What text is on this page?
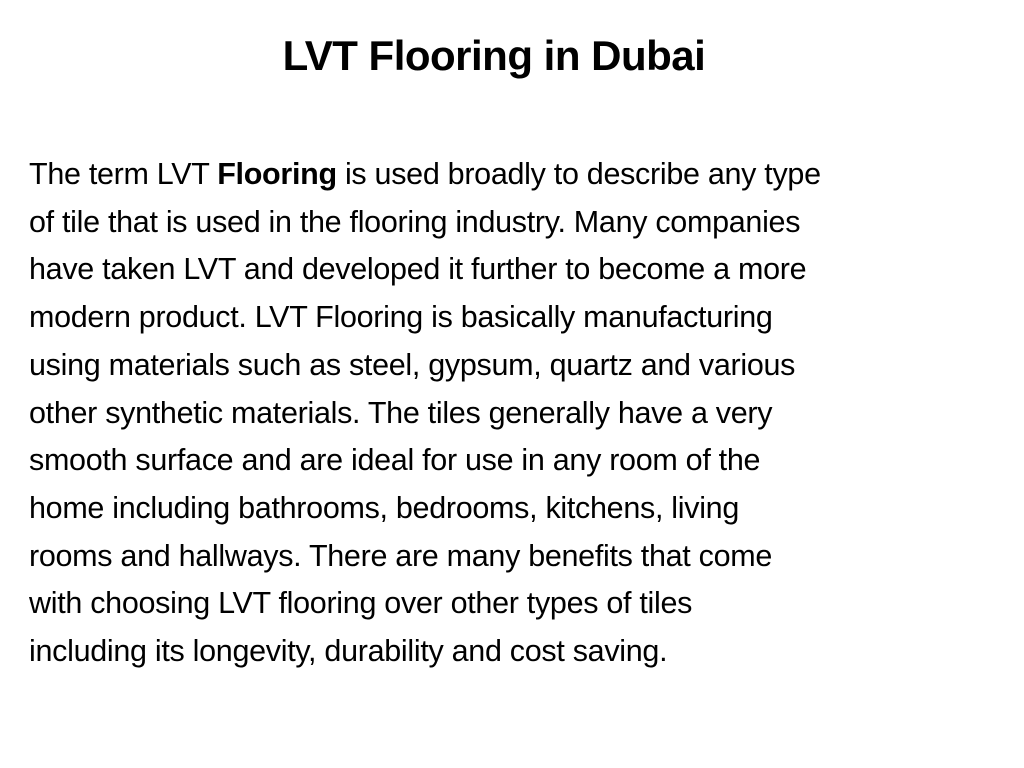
LVT Flooring in Dubai
The term LVT Flooring is used broadly to describe any type
of tile that is used in the flooring industry. Many companies
have taken LVT and developed it further to become a more
modern product. LVT Flooring is basically manufacturing
using materials such as steel, gypsum, quartz and various
other synthetic materials. The tiles generally have a very
smooth surface and are ideal for use in any room of the
home including bathrooms, bedrooms, kitchens, living
rooms and hallways. There are many benefits that come
with choosing LVT flooring over other types of tiles
including its longevity, durability and cost saving.
